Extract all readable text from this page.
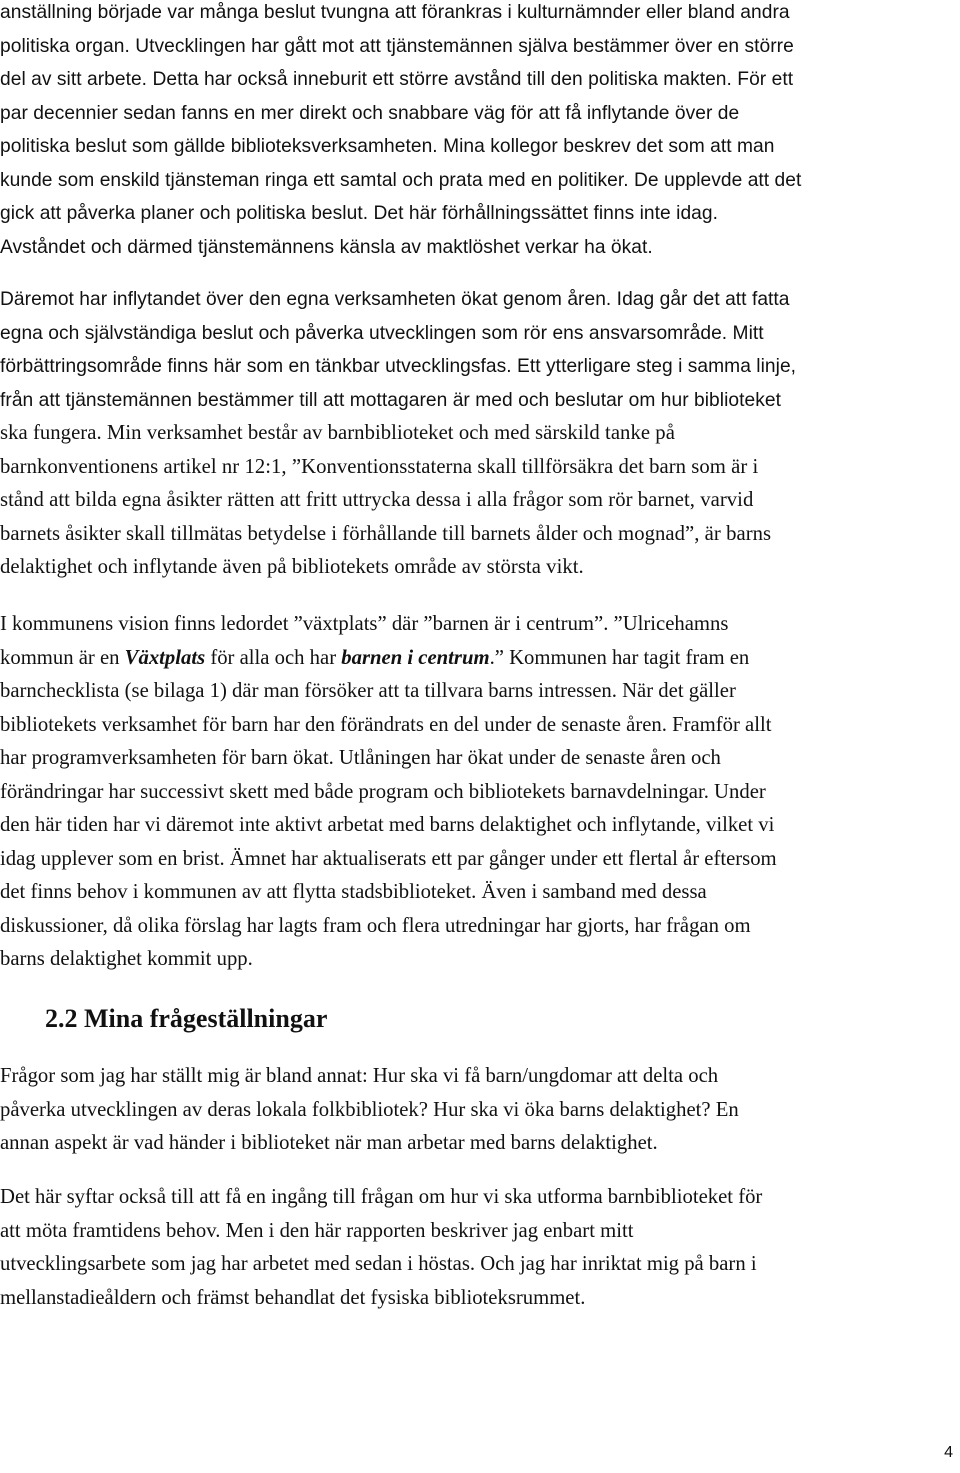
anställning började var många beslut tvungna att förankras i kulturnämnder eller bland andra
politiska organ. Utvecklingen har gått mot att tjänstemännen själva bestämmer över en större
del av sitt arbete. Detta har också inneburit ett större avstånd till den politiska makten. För ett
par decennier sedan fanns en mer direkt och snabbare väg för att få inflytande över de
politiska beslut som gällde biblioteksverksamheten. Mina kollegor beskrev det som att man
kunde som enskild tjänsteman ringa ett samtal och prata med en politiker. De upplevde att det
gick att påverka planer och politiska beslut. Det här förhållningssättet finns inte idag.
Avståndet och därmed tjänstemännens känsla av maktlöshet verkar ha ökat.

Däremot har inflytandet över den egna verksamheten ökat genom åren. Idag går det att fatta
egna och självständiga beslut och påverka utvecklingen som rör ens ansvarsområde. Mitt
förbättringsområde finns här som en tänkbar utvecklingsfas. Ett ytterligare steg i samma linje,
från att tjänstemännen bestämmer till att mottagaren är med och beslutar om hur biblioteket
ska fungera. Min verksamhet består av barnbiblioteket och med särskild tanke på
barnkonventionens artikel nr 12:1, ”Konventionsstaterna skall tillförsäkra det barn som är i
stånd att bilda egna åsikter rätten att fritt uttrycka dessa i alla frågor som rör barnet, varvid
barnets åsikter skall tillmätas betydelse i förhållande till barnets ålder och mognad”, är barns
delaktighet och inflytande även på bibliotekets område av största vikt.

I kommunens vision finns ledordet ”växtplats” där ”barnen är i centrum”. ”Ulricehamns
kommun är en Växtplats för alla och har barnen i centrum.” Kommunen har tagit fram en
barnchecklista (se bilaga 1) där man försöker att ta tillvara barns intressen. När det gäller
bibliotekets verksamhet för barn har den förändrats en del under de senaste åren. Framför allt
har programverksamheten för barn ökat. Utlåningen har ökat under de senaste åren och
förändringar har successivt skett med både program och bibliotekets barnavdelningar. Under
den här tiden har vi däremot inte aktivt arbetat med barns delaktighet och inflytande, vilket vi
idag upplever som en brist. Ämnet har aktualiserats ett par gånger under ett flertal år eftersom
det finns behov i kommunen av att flytta stadsbiblioteket. Även i samband med dessa
diskussioner, då olika förslag har lagts fram och flera utredningar har gjorts, har frågan om
barns delaktighet kommit upp.

2.2 Mina frågeställningar

Frågor som jag har ställt mig är bland annat: Hur ska vi få barn/ungdomar att delta och
påverka utvecklingen av deras lokala folkbibliotek? Hur ska vi öka barns delaktighet? En
annan aspekt är vad händer i biblioteket när man arbetar med barns delaktighet.

Det här syftar också till att få en ingång till frågan om hur vi ska utforma barnbiblioteket för
att möta framtidens behov. Men i den här rapporten beskriver jag enbart mitt
utvecklingsarbete som jag har arbetet med sedan i höstas. Och jag har inriktat mig på barn i
mellanstadieåldern och främst behandlat det fysiska biblioteksrummet.

4
